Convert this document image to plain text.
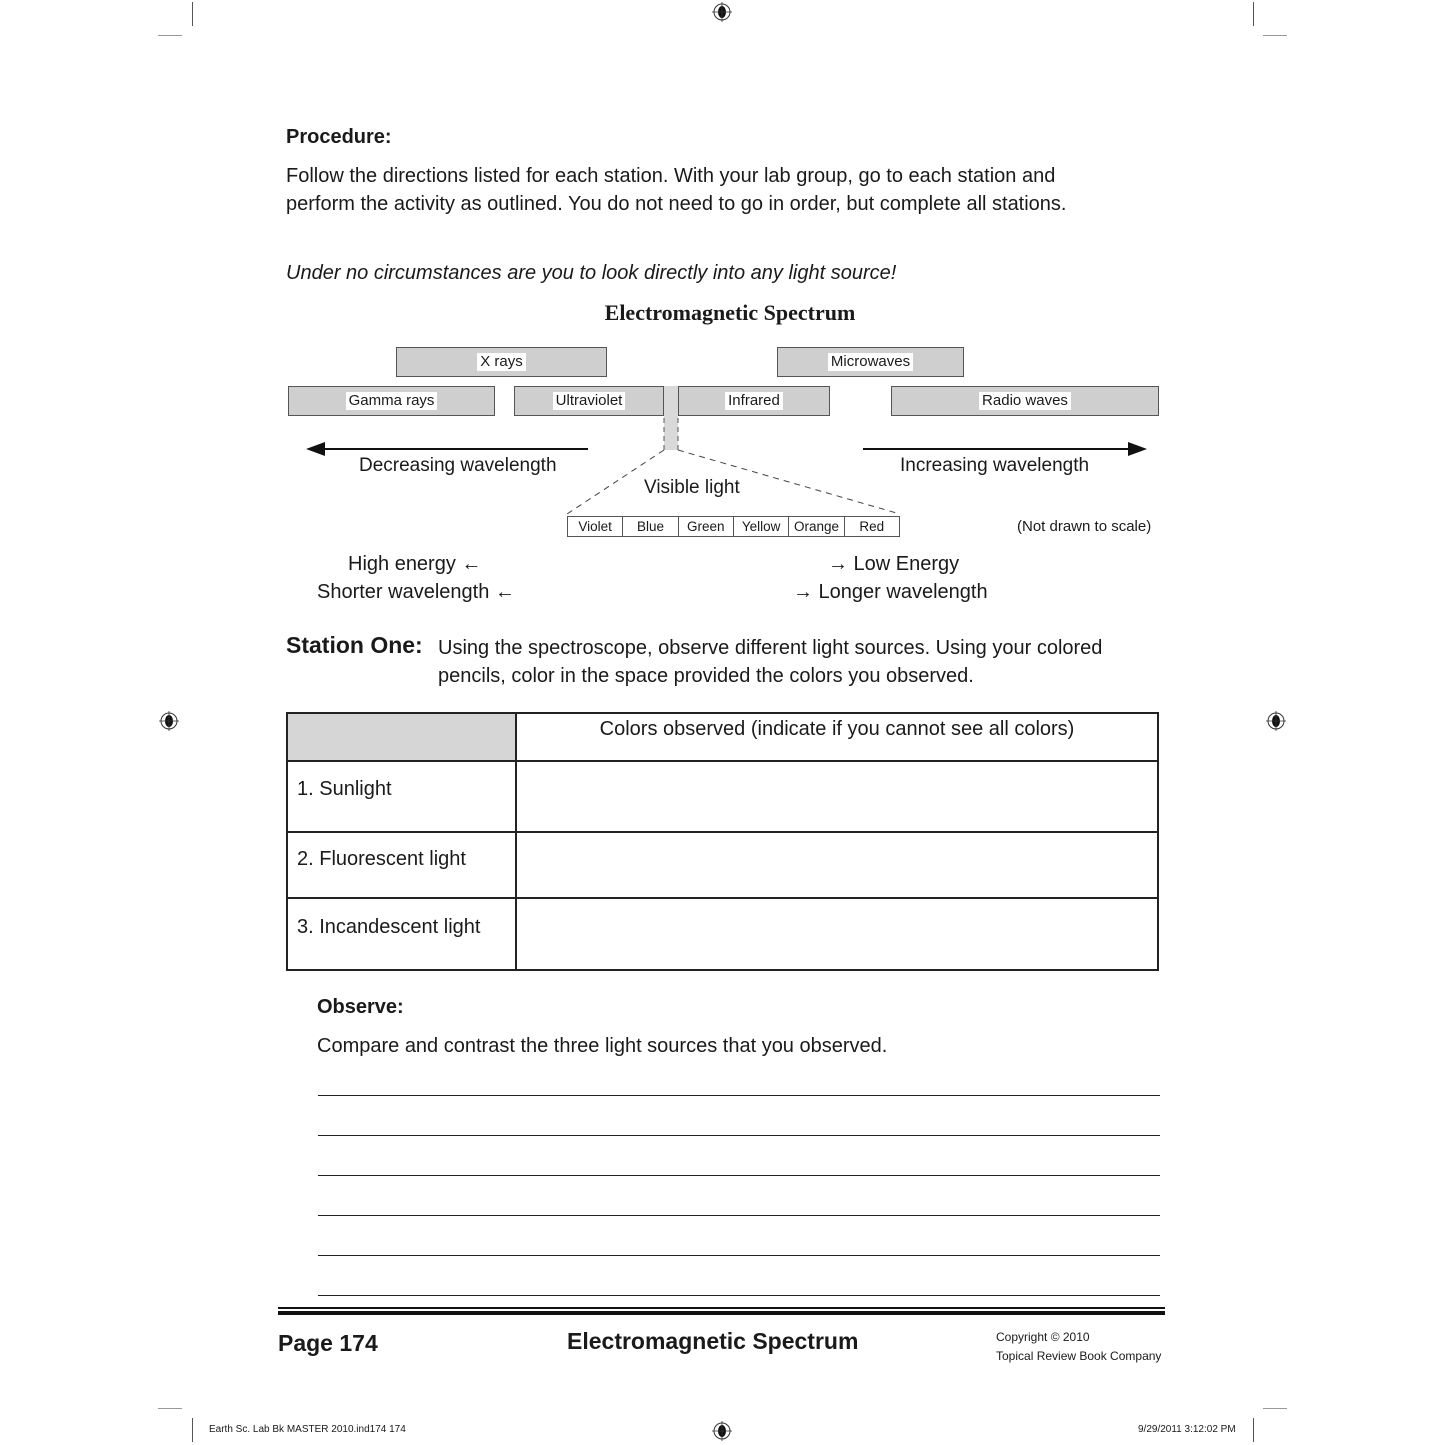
Procedure:
Follow the directions listed for each station. With your lab group, go to each station and
perform the activity as outlined. You do not need to go in order, but complete all stations.
Under no circumstances are you to look directly into any light source!
Electromagnetic Spectrum
X rays	Microwaves
Gamma rays	Ultraviolet	Infrared	Radio waves
Decreasing wavelength	Increasing wavelength
Visible light
Violet	Blue	Green	Yellow	Orange	Red	(Not drawn to scale)
High energy ←
Shorter wavelength ←
→ Low Energy
→ Longer wavelength
Station One: Using the spectroscope, observe different light sources. Using your colored
pencils, color in the space provided the colors you observed.
	Colors observed (indicate if you cannot see all colors)
1. Sunlight	
2. Fluorescent light	
3. Incandescent light	
Observe:
Compare and contrast the three light sources that you observed.
Page 174	Electromagnetic Spectrum	Copyright © 2010
Topical Review Book Company
Earth Sc. Lab Bk MASTER 2010.ind174 174	9/29/2011 3:12:02 PM
